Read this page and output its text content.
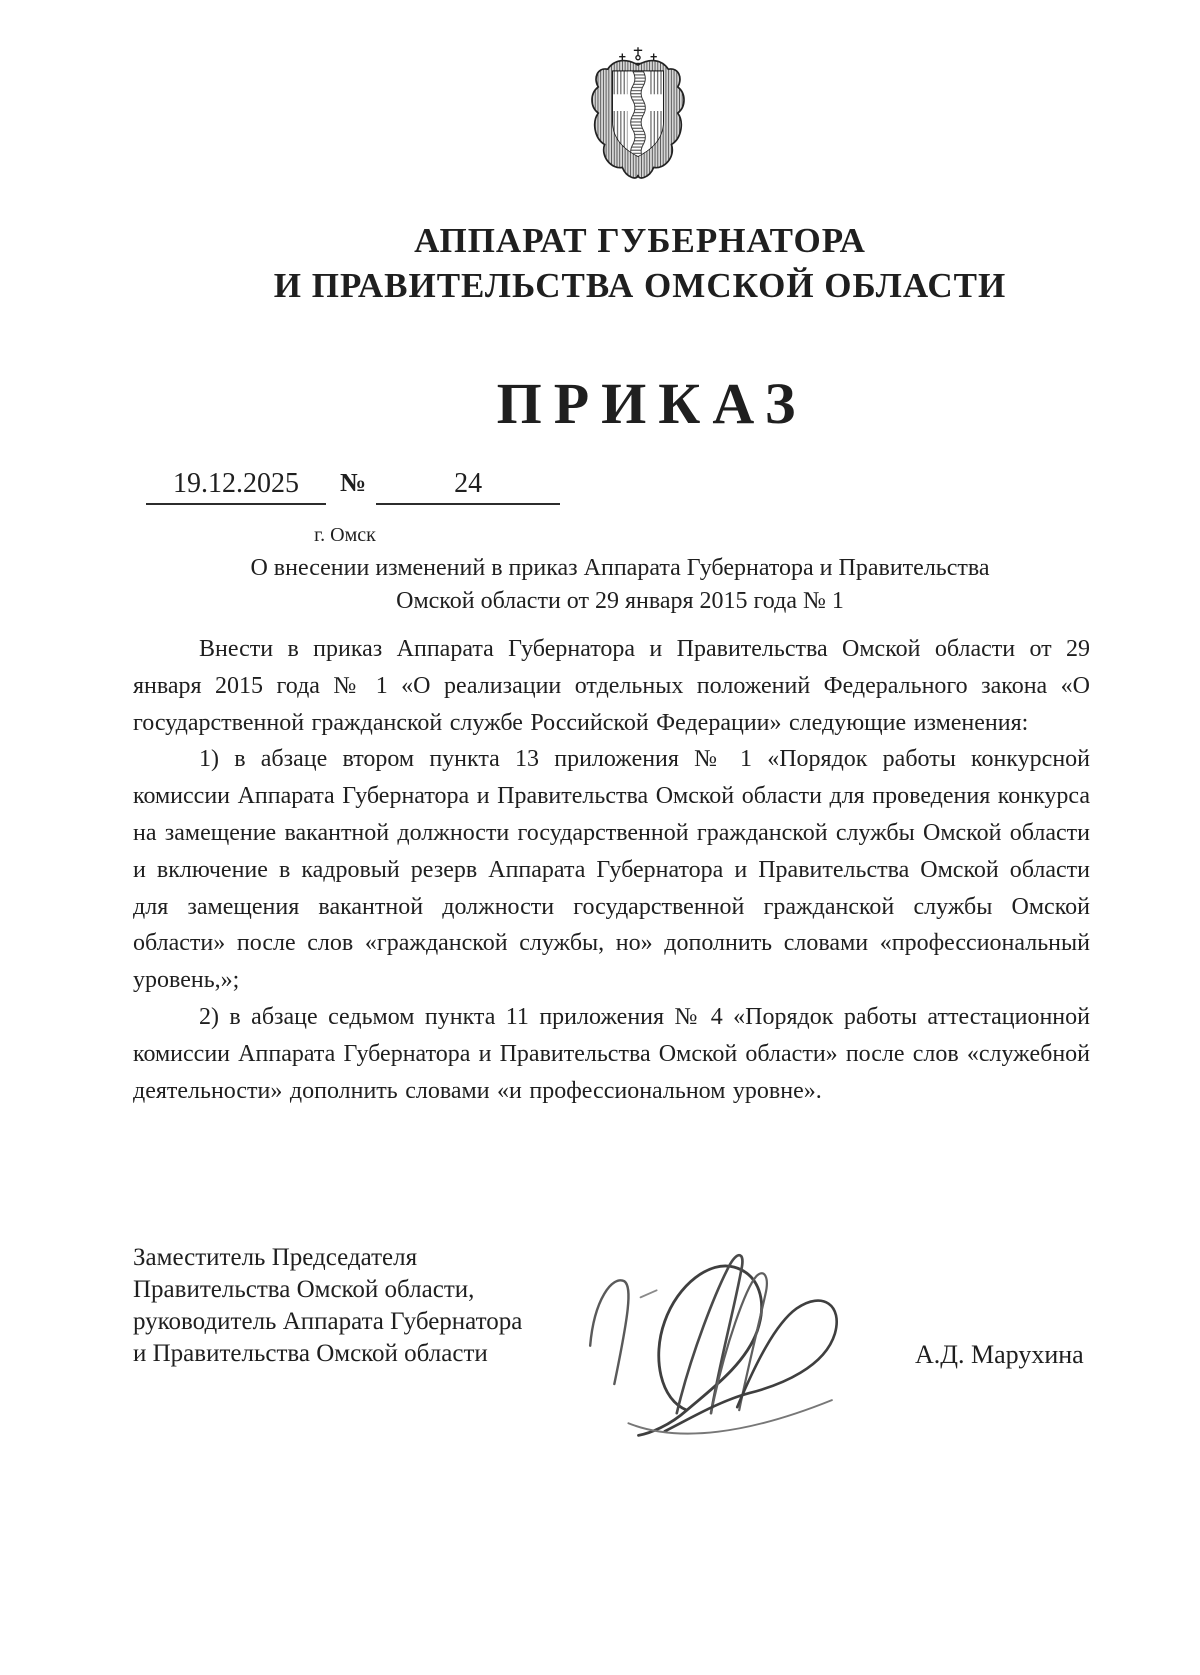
АППАРАТ ГУБЕРНАТОРА
И ПРАВИТЕЛЬСТВА ОМСКОЙ ОБЛАСТИ
ПРИКАЗ
19.12.2025 №	24
г. Омск
О внесении изменений в приказ Аппарата Губернатора и Правительства
Омской области от 29 января 2015 года № 1

Внести в приказ Аппарата Губернатора и Правительства Омской области от 29 января 2015 года № 1 «О реализации отдельных положений Федерального закона «О государственной гражданской службе Российской Федерации» следующие изменения:

1) в абзаце втором пункта 13 приложения № 1 «Порядок работы конкурсной комиссии Аппарата Губернатора и Правительства Омской области для проведения конкурса на замещение вакантной должности государственной гражданской службы Омской области и включение в кадровый резерв Аппарата Губернатора и Правительства Омской области для замещения вакантной должности государственной гражданской службы Омской области» после слов «гражданской службы, но» дополнить словами «профессиональный уровень,»;

2) в абзаце седьмом пункта 11 приложения № 4 «Порядок работы аттестационной комиссии Аппарата Губернатора и Правительства Омской области» после слов «служебной деятельности» дополнить словами «и профессиональном уровне».

Заместитель Председателя
Правительства Омской области,
руководитель Аппарата Губернатора
и Правительства Омской области	А.Д. Марухина
